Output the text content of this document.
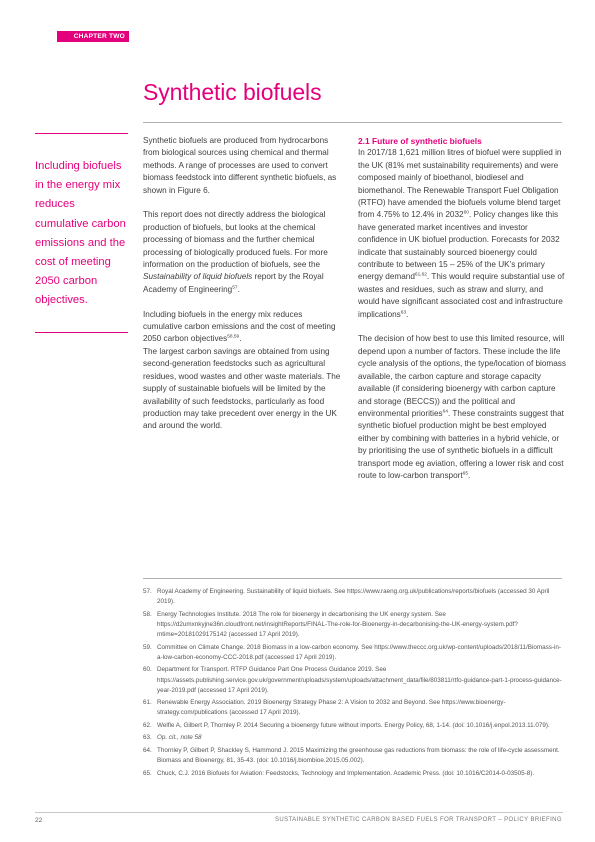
CHAPTER TWO
Synthetic biofuels

Including biofuels in the energy mix reduces cumulative carbon emissions and the cost of meeting 2050 carbon objectives.

Synthetic biofuels are produced from hydrocarbons from biological sources using chemical and thermal methods. A range of processes are used to convert biomass feedstock into different synthetic biofuels, as shown in Figure 6.

This report does not directly address the biological production of biofuels, but looks at the chemical processing of biomass and the further chemical processing of biologically produced fuels. For more information on the production of biofuels, see the Sustainability of liquid biofuels report by the Royal Academy of Engineering$^{57}$.

Including biofuels in the energy mix reduces cumulative carbon emissions and the cost of meeting 2050 carbon objectives$^{58,59}$.

The largest carbon savings are obtained from using second-generation feedstocks such as agricultural residues, wood wastes and other waste materials. The supply of sustainable biofuels will be limited by the availability of such feedstocks, particularly as food production may take precedent over energy in the UK and around the world.

2.1 Future of synthetic biofuels

In 2017/18 1,621 million litres of biofuel were supplied in the UK (81% met sustainability requirements) and were composed mainly of bioethanol, biodiesel and biomethanol. The Renewable Transport Fuel Obligation (RTFO) have amended the biofuels volume blend target from 4.75% to 12.4% in 2032$^{60}$. Policy changes like this have generated market incentives and investor confidence in UK biofuel production. Forecasts for 2032 indicate that sustainably sourced bioenergy could contribute to between 15 – 25% of the UK’s primary energy demand$^{61,62}$. This would require substantial use of wastes and residues, such as straw and slurry, and would have significant associated cost and infrastructure implications$^{63}$.

The decision of how best to use this limited resource, will depend upon a number of factors. These include the life cycle analysis of the options, the type/location of biomass available, the carbon capture and storage capacity available (if considering bioenergy with carbon capture and storage (BECCS)) and the political and environmental priorities$^{64}$. These constraints suggest that synthetic biofuel production might be best employed either by combining with batteries in a hybrid vehicle, or by prioritising the use of synthetic biofuels in a difficult transport mode eg aviation, offering a lower risk and cost route to low-carbon transport$^{65}$.

57. Royal Academy of Engineering. Sustainability of liquid biofuels. See https://www.raeng.org.uk/publications/reports/biofuels (accessed 30 April 2019).
58. Energy Technologies Institute. 2018 The role for bioenergy in decarbonising the UK energy system. See https://d2umxnkyjne36n.cloudfront.net/insightReports/FINAL-The-role-for-Bioenergy-in-decarbonising-the-UK-energy-system.pdf?mtime=20181029175142 (accessed 17 April 2019).
59. Committee on Climate Change. 2018 Biomass in a low-carbon economy. See https://www.theccc.org.uk/wp-content/uploads/2018/11/Biomass-in-a-low-carbon-economy-CCC-2018.pdf (accessed 17 April 2019).
60. Department for Transport. RTFP Guidance Part One Process Guidance 2019. See https://assets.publishing.service.gov.uk/government/uploads/system/uploads/attachment_data/file/803811/rtfo-guidance-part-1-process-guidance-year-2019.pdf (accessed 17 April 2019).
61. Renewable Energy Association. 2019 Bioenergy Strategy Phase 2: A Vision to 2032 and Beyond. See https://www.bioenergy-strategy.com/publications (accessed 17 April 2019).
62. Welfle A, Gilbert P, Thornley P. 2014 Securing a bioenergy future without imports. Energy Policy, 68, 1-14. (doi: 10.1016/j.enpol.2013.11.079).
63. Op. cit., note 58
64. Thornley P, Gilbert P, Shackley S, Hammond J. 2015 Maximizing the greenhouse gas reductions from biomass: the role of life-cycle assessment. Biomass and Bioenergy, 81, 35-43. (doi: 10.1016/j.biombioe.2015.05.002).
65. Chuck, C.J. 2016 Biofuels for Aviation: Feedstocks, Technology and Implementation. Academic Press. (doi: 10.1016/C2014-0-03505-8).
22	SUSTAINABLE SYNTHETIC CARBON BASED FUELS FOR TRANSPORT – POLICY BRIEFING
